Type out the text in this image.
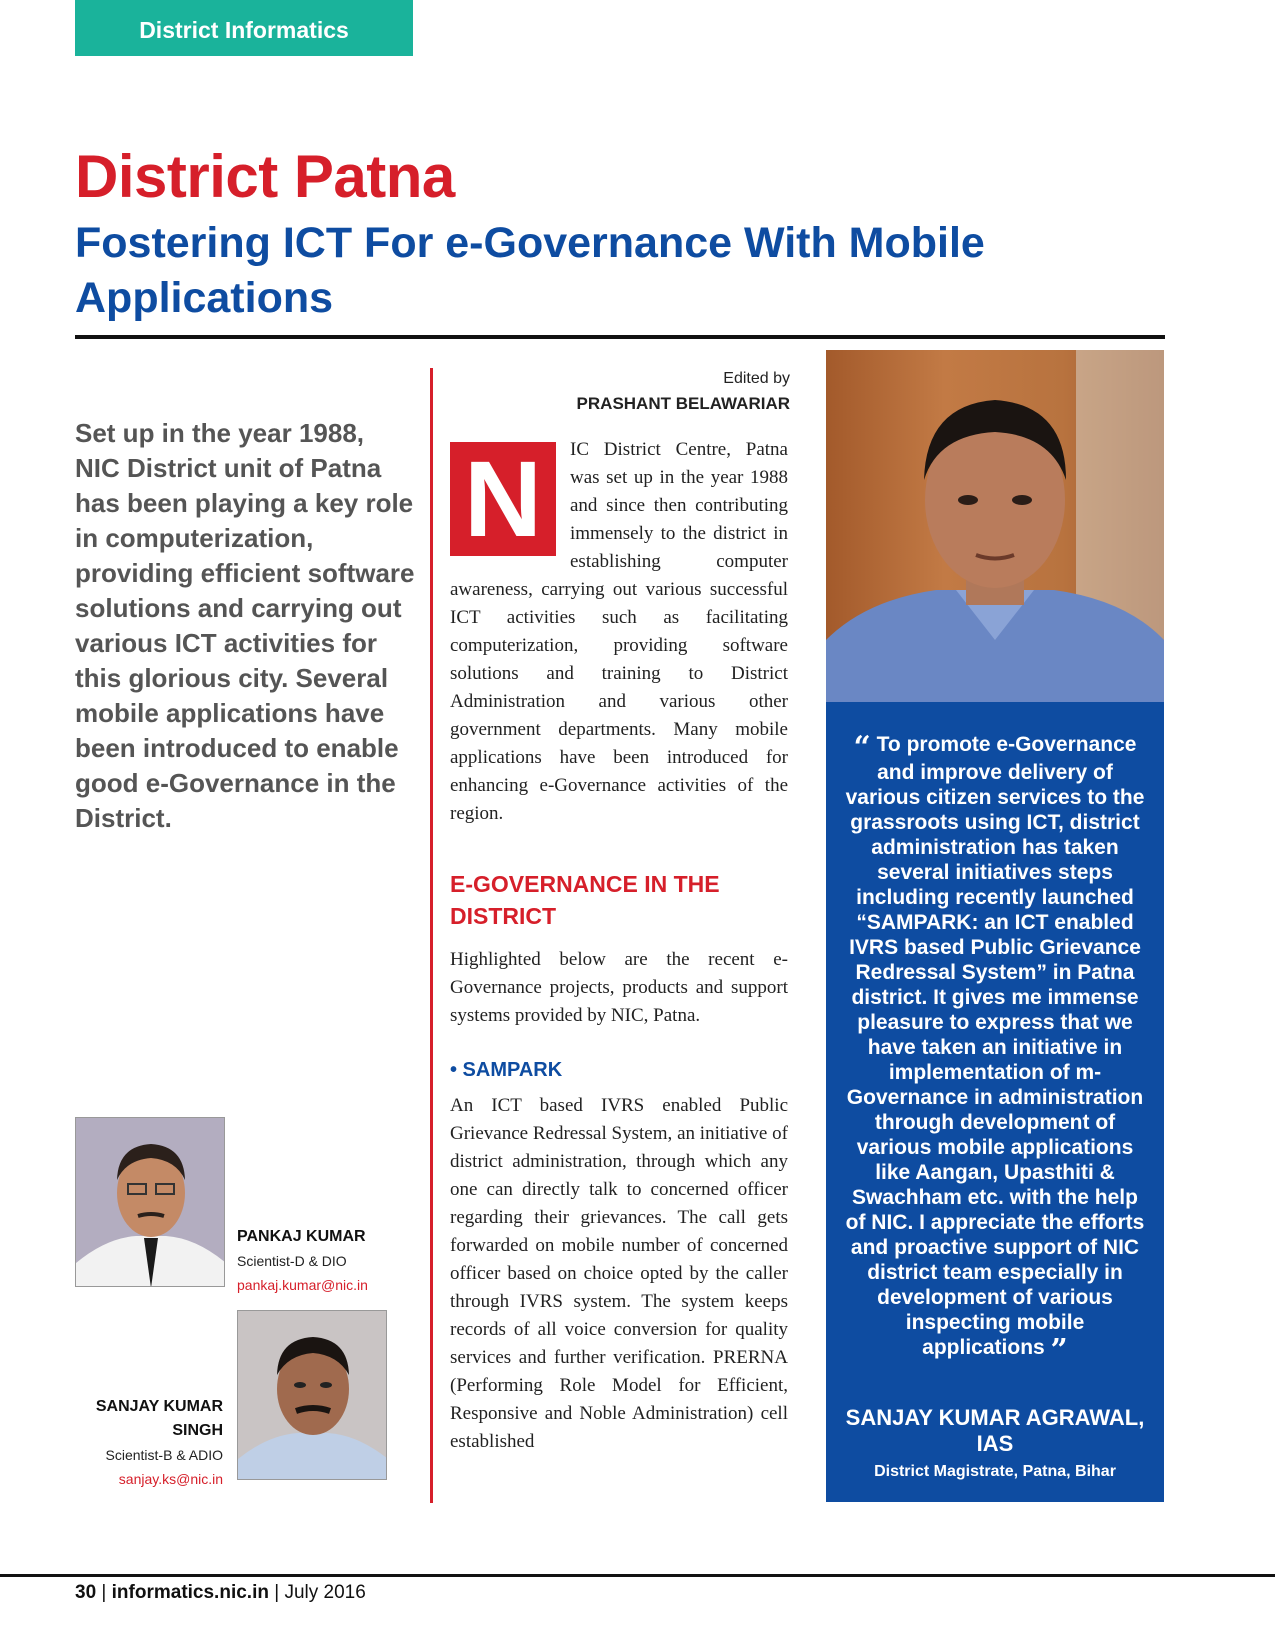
District Informatics
District Patna
Fostering ICT For e-Governance With Mobile Applications
Set up in the year 1988, NIC District unit of Patna has been playing a key role in computerization, providing efficient software solutions and carrying out various ICT activities for this glorious city. Several mobile applications have been introduced to enable good e-Governance in the District.
Edited by
PRASHANT BELAWARIAR
N	IC District Centre, Patna was set up in the year 1988 and since then contributing immensely to the district in establishing computer awareness, carrying out various successful ICT activities such as facilitating computerization, providing software solutions and training to District Administration and various other government departments. Many mobile applications have been introduced for enhancing e-Governance activities of the region.

E-GOVERNANCE IN THE DISTRICT

Highlighted below are the recent e-Governance projects, products and support systems provided by NIC, Patna.

• SAMPARK

An ICT based IVRS enabled Public Grievance Redressal System, an initiative of district administration, through which any one can directly talk to concerned officer regarding their grievances. The call gets forwarded on mobile number of concerned officer based on choice opted by the caller through IVRS system. The system keeps records of all voice conversion for quality services and further verification. PRERNA (Performing Role Model for Efficient, Responsive and Noble Administration) cell established

“ To promote e-Governance and improve delivery of various citizen services to the grassroots using ICT, district administration has taken several initiatives steps including recently launched “SAMPARK: an ICT enabled IVRS based Public Grievance Redressal System” in Patna district. It gives me immense pleasure to express that we have taken an initiative in implementation of m-Governance in administration through development of various mobile applications like Aangan, Upasthiti & Swachham etc. with the help of NIC. I appreciate the efforts and proactive support of NIC district team especially in development of various inspecting mobile applications ”
SANJAY KUMAR AGRAWAL, IAS
District Magistrate, Patna, Bihar
PANKAJ KUMAR
Scientist-D & DIO
pankaj.kumar@nic.in
SANJAY KUMAR SINGH
Scientist-B & ADIO
sanjay.ks@nic.in
30 | informatics.nic.in | July 2016
